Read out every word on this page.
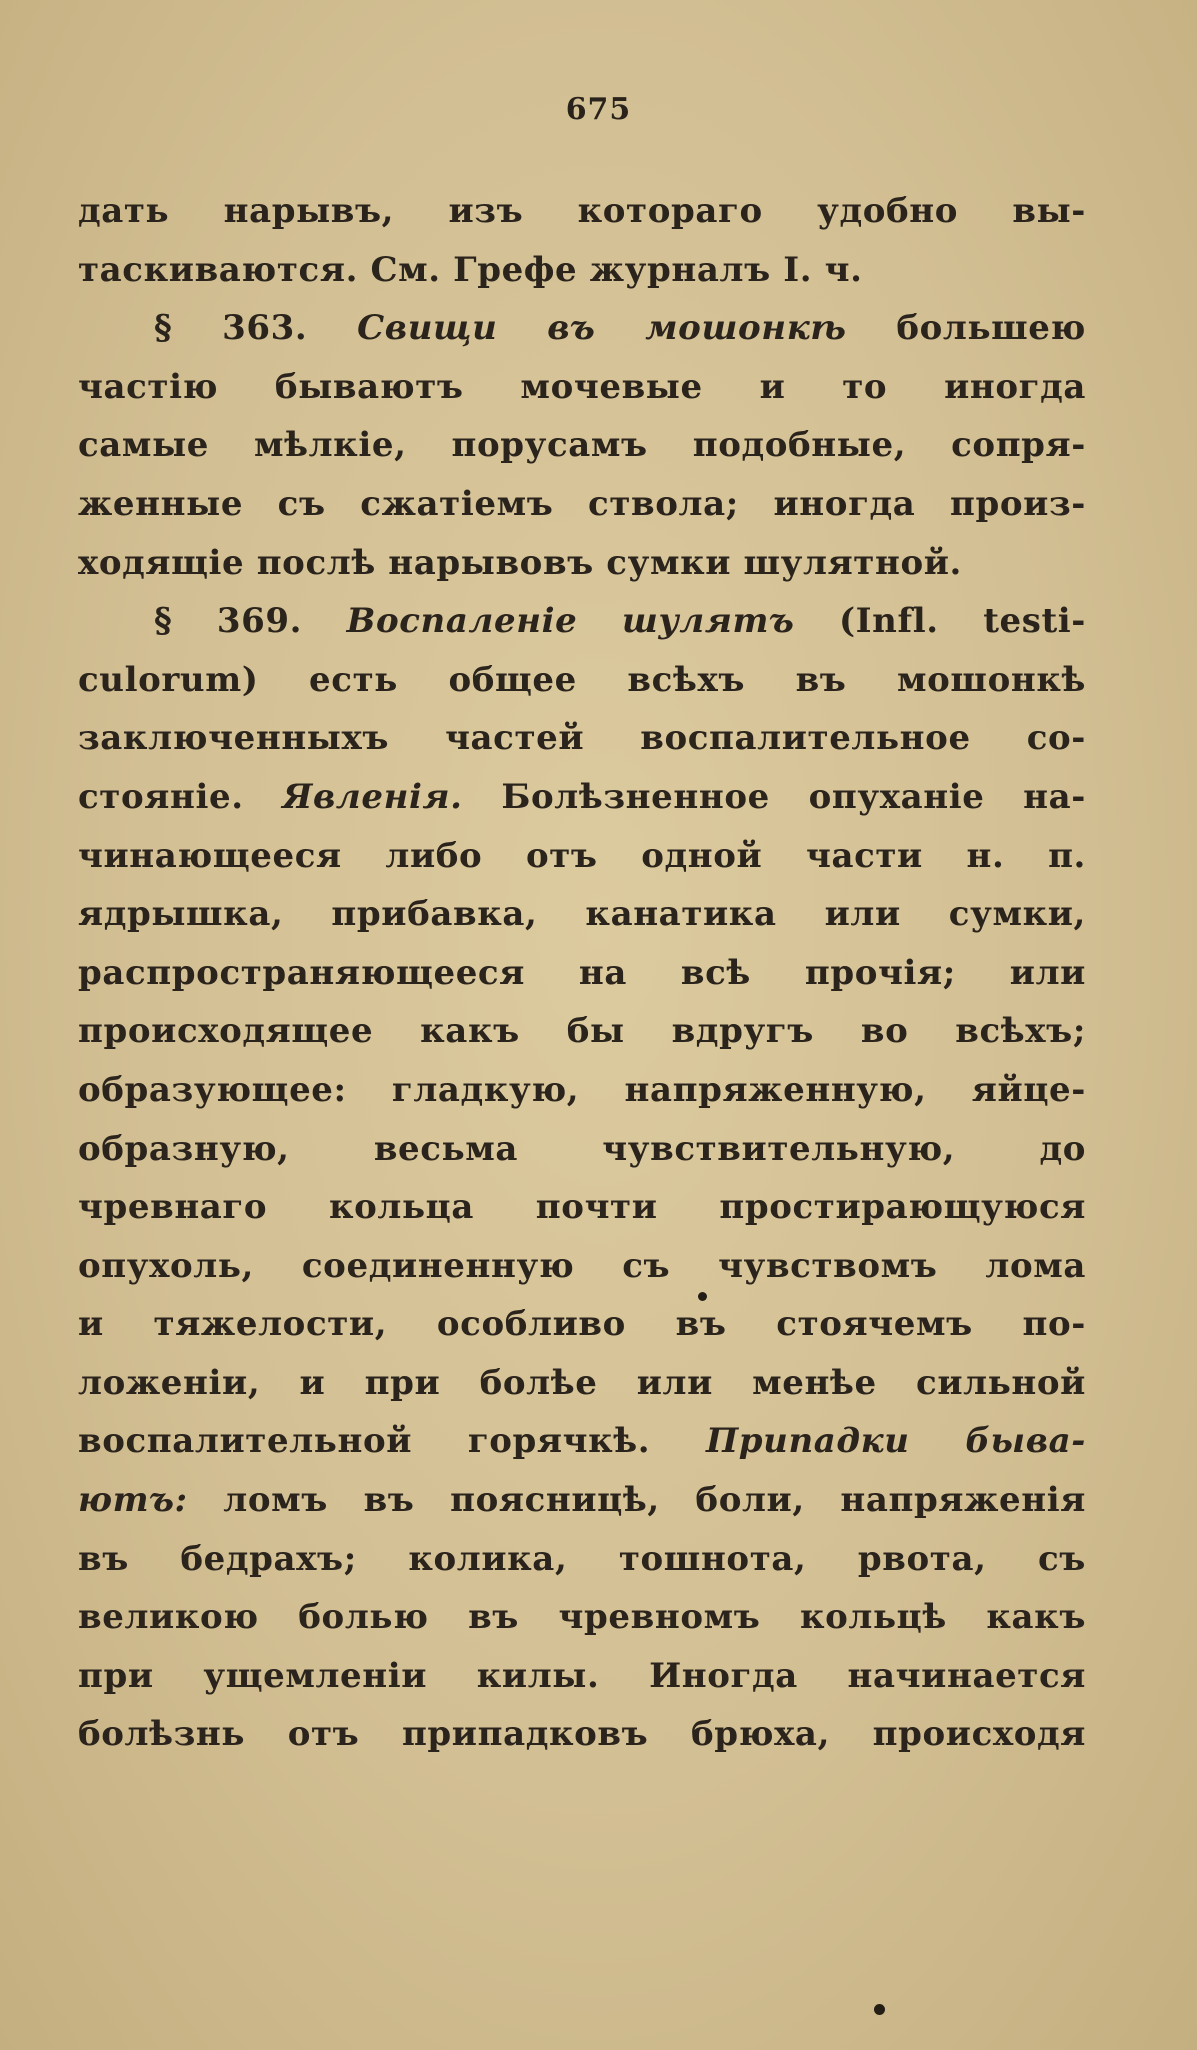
675
дать нарывъ, изъ котораго удобно вы-
таскиваются. См. Грефе журналъ I. ч.
§ 363. Свищи въ мошонкѣ большею
частію бываютъ мочевые и то иногда
самые мѣлкіе, порусамъ подобные, сопря-
женные съ сжатіемъ ствола; иногда произ-
ходящіе послѣ нарывовъ сумки шулятной.
§ 369. Воспаленіе шулятъ (Infl. testi-
culorum) есть общее всѣхъ въ мошонкѣ
заключенныхъ частей воспалительное со-
стояніе. Явленія. Болѣзненное опуханіе на-
чинающееся либо отъ одной части н. п.
ядрышка, прибавка, канатика или сумки,
распространяющееся на всѣ прочія; или
происходящее какъ бы вдругъ во всѣхъ;
образующее: гладкую, напряженную, яйце-
образную, весьма чувствительную, до
чревнаго кольца почти простирающуюся
опухоль, соединенную съ чувствомъ лома
и тяжелости, особливо въ стоячемъ по-
ложеніи, и при болѣе или менѣе сильной
воспалительной горячкѣ. Припадки быва-
ютъ: ломъ въ поясницѣ, боли, напряженія
въ бедрахъ; колика, тошнота, рвота, съ
великою болью въ чревномъ кольцѣ какъ
при ущемленіи килы. Иногда начинается
болѣзнь отъ припадковъ брюха, происходя
